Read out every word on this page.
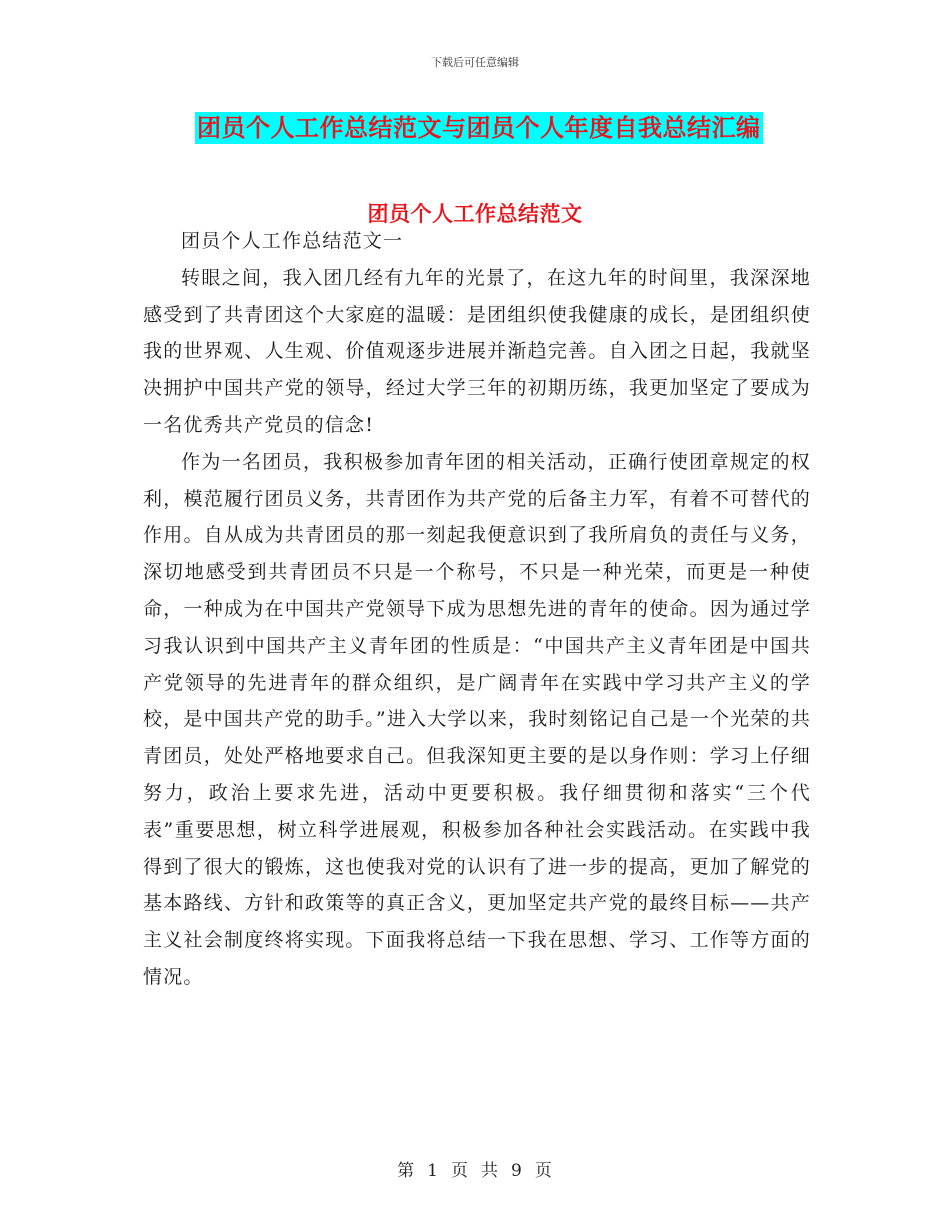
下载后可任意编辑
团员个人工作总结范文与团员个人年度自我总结汇编
团员个人工作总结范文

团员个人工作总结范文一

转眼之间，我入团几经有九年的光景了，在这九年的时间里，我深深地感受到了共青团这个大家庭的温暖：是团组织使我健康的成长，是团组织使我的世界观、人生观、价值观逐步进展并渐趋完善。自入团之日起，我就坚决拥护中国共产党的领导，经过大学三年的初期历练，我更加坚定了要成为一名优秀共产党员的信念!

作为一名团员，我积极参加青年团的相关活动，正确行使团章规定的权利，模范履行团员义务，共青团作为共产党的后备主力军，有着不可替代的作用。自从成为共青团员的那一刻起我便意识到了我所肩负的责任与义务，深切地感受到共青团员不只是一个称号，不只是一种光荣，而更是一种使命，一种成为在中国共产党领导下成为思想先进的青年的使命。因为通过学习我认识到中国共产主义青年团的性质是：“中国共产主义青年团是中国共产党领导的先进青年的群众组织，是广阔青年在实践中学习共产主义的学校，是中国共产党的助手。”进入大学以来，我时刻铭记自己是一个光荣的共青团员，处处严格地要求自己。但我深知更主要的是以身作则：学习上仔细努力，政治上要求先进，活动中更要积极。我仔细贯彻和落实“三个代表”重要思想，树立科学进展观，积极参加各种社会实践活动。在实践中我得到了很大的锻炼，这也使我对党的认识有了进一步的提高，更加了解党的基本路线、方针和政策等的真正含义，更加坚定共产党的最终目标——共产主义社会制度终将实现。下面我将总结一下我在思想、学习、工作等方面的情况。

第 1 页 共 9 页
